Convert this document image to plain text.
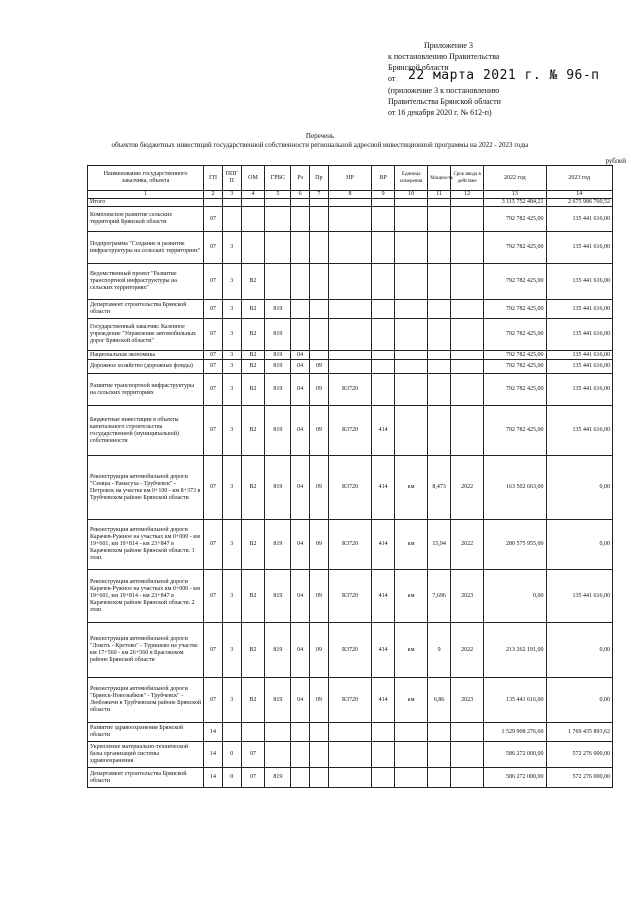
Приложение 3
к постановлению Правительства
Брянской области
от 22 марта 2021 г. № 96-п
(приложение 3 к постановлению
Правительства Брянской области
от 16 декабря 2020 г. № 612-п)
Перечень
объектов бюджетных инвестиций государственной собственности региональной адресной инвестиционной программы на 2022 - 2023 годы
рублей
Наименование государственного заказчика, объекта	ГП	ППГ П	ОМ	ГРБС	Рз	Пр	НР	ВР	Единица измерения	Мощность	Срок ввода в действие	2022 год	2023 год
1	2	3	4	5	6	7	8	9	10	11	12	13	14
Итого												3 115 752 484,21	2 675 986 760,52
Комплексное развитие сельских территорий Брянской области	07											792 782 425,00	135 441 616,00
Подпрограмма "Создание и развитие инфраструктуры на сельских территориях"	07	3										792 782 425,00	135 441 616,00
Ведомственный проект "Развитие транспортной инфраструктуры на сельских территориях"	07	3	В2									792 782 425,00	135 441 616,00
Департамент строительства Брянской области	07	3	В2	819								792 782 425,00	135 441 616,00
Государственный заказчик: Казенное учреждение "Управление автомобильных дорог Брянской области"	07	3	В2	819								792 782 425,00	135 441 616,00
Национальная экономика	07	3	В2	819	04							792 782 425,00	135 441 616,00
Дорожное хозяйство (дорожные фонды)	07	3	В2	819	04	09						792 782 425,00	135 441 616,00
Развитие транспортной инфраструктуры на сельских территориях	07	3	В2	819	04	09	R3720					792 782 425,00	135 441 616,00
Бюджетные инвестиции в объекты капитального строительства государственной (муниципальной) собственности	07	3	В2	819	04	09	R3720	414				792 782 425,00	135 441 616,00
Реконструкция автомобильной дороги "Семцы - Рамасуха - Трубчевск" - Петровск на участке км 0+100 - км 8+373 в Трубчевском районе Брянской области	07	3	В2	819	04	09	R3720	414	км	8,473	2022	163 502 663,00	0,00
Реконструкция автомобильной дороги Карачев-Ружное на участках км 0+000 - км 19+601, км 19+814 - км 23+847 в Карачевском районе Брянской области. 1 этап.	07	3	В2	819	04	09	R3720	414	км	15,94	2022	280 575 955,00	0,00
Реконструкция автомобильной дороги Карачев-Ружное на участках км 0+000 - км 19+601, км 19+814 - км 23+847 в Карачевском районе Брянской области. 2 этап	07	3	В2	819	04	09	R3720	414	км	7,696	2023	0,00	135 441 616,00
Реконструкция автомобильной дороги "Локоть - Кретово" - Туришево на участке км 17+560 - км 26+560 в Брасовском районе Брянской области	07	3	В2	819	04	09	R3720	414	км	9	2022	213 262 191,00	0,00
Реконструкция автомобильной дороги "Брянск-Новозыбков" - Трубчевск" - Любожичи в Трубчевском районе Брянской области	07	3	В2	819	04	09	R3720	414	км	6,86	2023	135 441 616,00	0,00
Развитие здравоохранения Брянской области	14											1 529 908 276,60	1 769 435 893,62
Укрепление материально-технической базы организаций системы здравоохранения	14	0	07									586 272 000,00	572 276 000,00
Департамент строительства Брянской области	14	0	07	819								586 272 000,00	572 276 000,00
